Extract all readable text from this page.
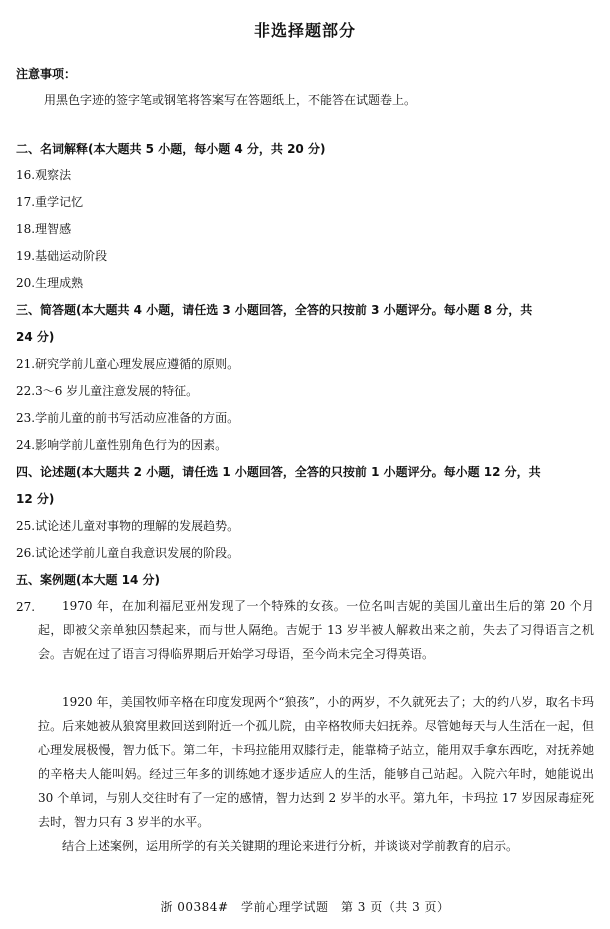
非选择题部分
注意事项：
用黑色字迹的签字笔或钢笔将答案写在答题纸上，不能答在试题卷上。
二、名词解释(本大题共 5 小题，每小题 4 分，共 20 分)
16.观察法
17.重学记忆
18.理智感
19.基础运动阶段
20.生理成熟
三、简答题(本大题共 4 小题，请任选 3 小题回答，全答的只按前 3 小题评分。每小题 8 分，共
24 分)
21.研究学前儿童心理发展应遵循的原则。
22.3～6 岁儿童注意发展的特征。
23.学前儿童的前书写活动应准备的方面。
24.影响学前儿童性别角色行为的因素。
四、论述题(本大题共 2 小题，请任选 1 小题回答，全答的只按前 1 小题评分。每小题 12 分，共
12 分)
25.试论述儿童对事物的理解的发展趋势。
26.试论述学前儿童自我意识发展的阶段。
五、案例题(本大题 14 分)
27.	1970 年，在加利福尼亚州发现了一个特殊的女孩。一位名叫吉妮的美国儿童出生后的第 20 个月起，即被父亲单独囚禁起来，而与世人隔绝。吉妮于 13 岁半被人解救出来之前，失去了习得语言之机会。吉妮在过了语言习得临界期后开始学习母语，至今尚未完全习得英语。
1920 年，美国牧师辛格在印度发现两个“狼孩”，小的两岁，不久就死去了；大的约八岁，取名卡玛拉。后来她被从狼窝里救回送到附近一个孤儿院，由辛格牧师夫妇抚养。尽管她每天与人生活在一起，但心理发展极慢，智力低下。第二年，卡玛拉能用双膝行走，能靠椅子站立，能用双手拿东西吃，对抚养她的辛格夫人能叫妈。经过三年多的训练她才逐步适应人的生活，能够自己站起。入院六年时，她能说出 30 个单词，与别人交往时有了一定的感情，智力达到 2 岁半的水平。第九年，卡玛拉 17 岁因尿毒症死去时，智力只有 3 岁半的水平。
结合上述案例，运用所学的有关关键期的理论来进行分析，并谈谈对学前教育的启示。
浙 00384#　学前心理学试题　第 3 页（共 3 页）
